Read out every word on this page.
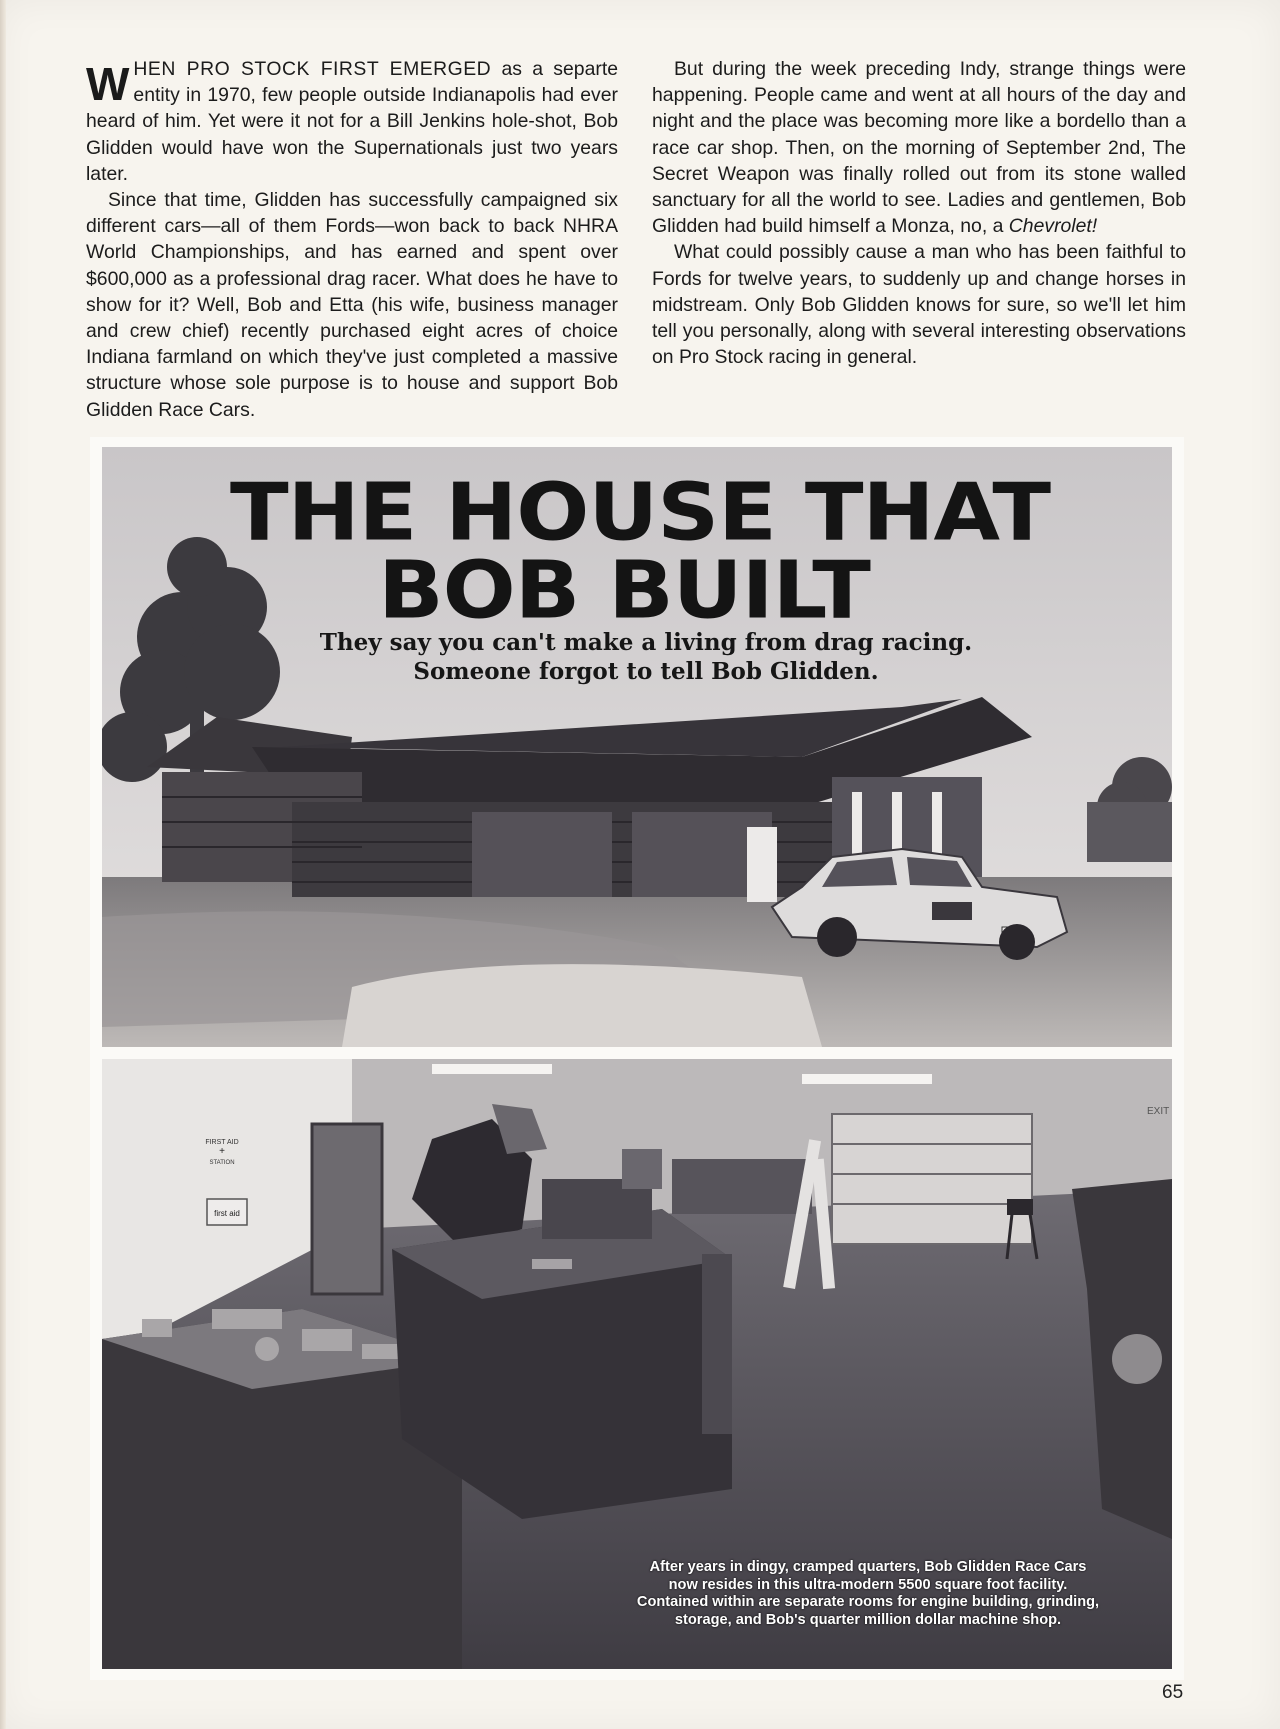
WHEN PRO STOCK FIRST EMERGED as a separte entity in 1970, few people outside Indianapolis had ever heard of him. Yet were it not for a Bill Jenkins hole-shot, Bob Glidden would have won the Supernationals just two years later.

Since that time, Glidden has successfully campaigned six different cars—all of them Fords—won back to back NHRA World Championships, and has earned and spent over $600,000 as a professional drag racer. What does he have to show for it? Well, Bob and Etta (his wife, business manager and crew chief) recently purchased eight acres of choice Indiana farmland on which they've just completed a massive structure whose sole purpose is to house and support Bob Glidden Race Cars.

But during the week preceding Indy, strange things were happening. People came and went at all hours of the day and night and the place was becoming more like a bordello than a race car shop. Then, on the morning of September 2nd, The Secret Weapon was finally rolled out from its stone walled sanctuary for all the world to see. Ladies and gentlemen, Bob Glidden had build himself a Monza, no, a Chevrolet!

What could possibly cause a man who has been faithful to Fords for twelve years, to suddenly up and change horses in midstream. Only Bob Glidden knows for sure, so we'll let him tell you personally, along with several interesting observations on Pro Stock racing in general.

FIRST AID
+
STATION
first aid
EXIT
THE HOUSE THAT
BOB BUILT
They say you can't make a living from drag racing.
Someone forgot to tell Bob Glidden.
After years in dingy, cramped quarters, Bob Glidden Race Cars now resides in this ultra-modern 5500 square foot facility. Contained within are separate rooms for engine building, grinding, storage, and Bob's quarter million dollar machine shop.
65
